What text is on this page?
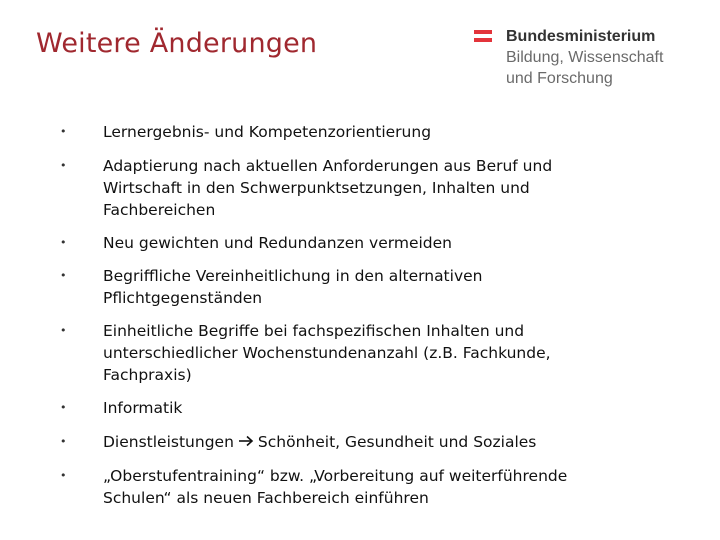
Weitere Änderungen	Bundesministerium
Bildung, Wissenschaft
und Forschung
• Lernergebnis- und Kompetenzorientierung
• Adaptierung nach aktuellen Anforderungen aus Beruf und
Wirtschaft in den Schwerpunktsetzungen, Inhalten und
Fachbereichen
• Neu gewichten und Redundanzen vermeiden
• Begriffliche Vereinheitlichung in den alternativen
Pflichtgegenständen
• Einheitliche Begriffe bei fachspezifischen Inhalten und
unterschiedlicher Wochenstundenanzahl (z.B. Fachkunde,
Fachpraxis)
• Informatik
• Dienstleistungen Schönheit, Gesundheit und Soziales
• „Oberstufentraining“ bzw. „Vorbereitung auf weiterführende
Schulen“ als neuen Fachbereich einführen
